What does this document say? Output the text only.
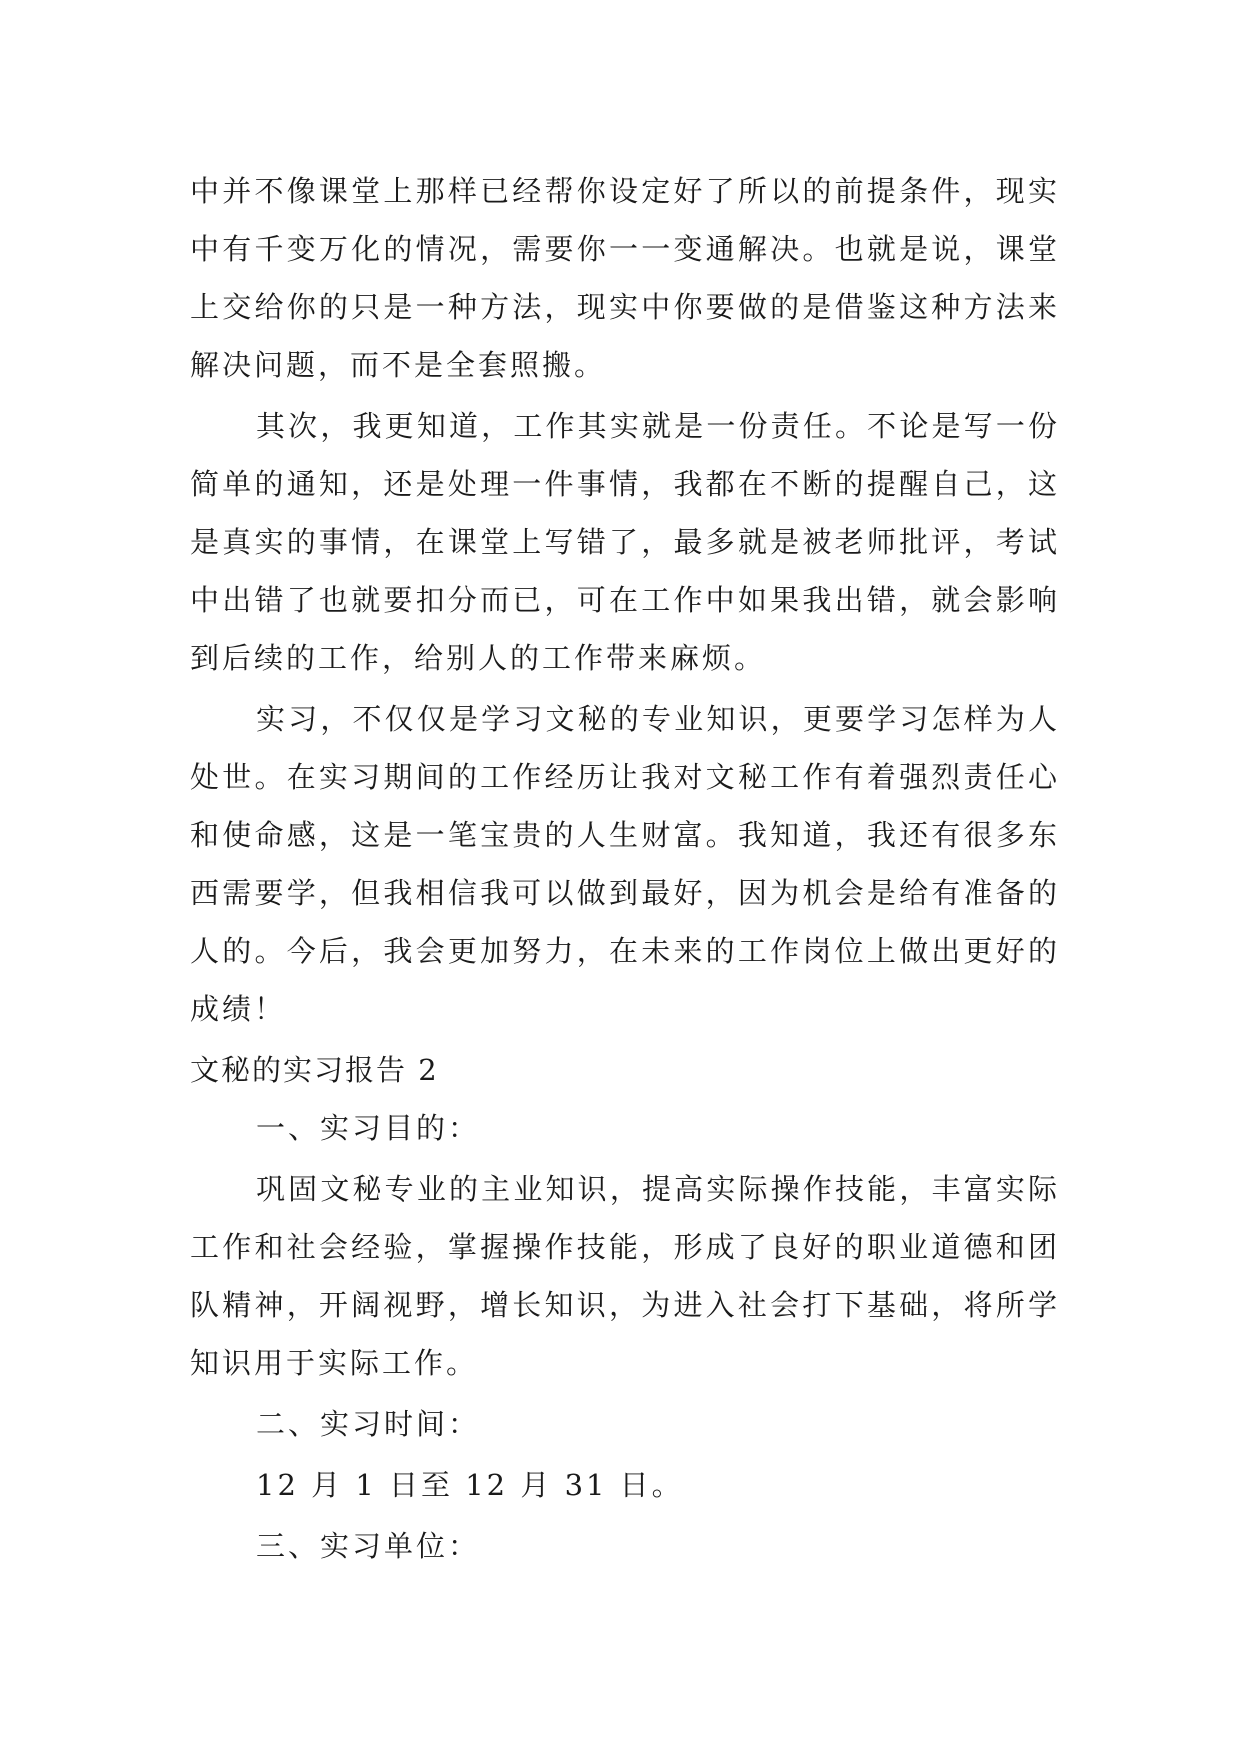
中并不像课堂上那样已经帮你设定好了所以的前提条件，现实中有千变万化的情况，需要你一一变通解决。也就是说，课堂上交给你的只是一种方法，现实中你要做的是借鉴这种方法来解决问题，而不是全套照搬。

其次，我更知道，工作其实就是一份责任。不论是写一份简单的通知，还是处理一件事情，我都在不断的提醒自己，这是真实的事情，在课堂上写错了，最多就是被老师批评，考试中出错了也就要扣分而已，可在工作中如果我出错，就会影响到后续的工作，给别人的工作带来麻烦。

实习，不仅仅是学习文秘的专业知识，更要学习怎样为人处世。在实习期间的工作经历让我对文秘工作有着强烈责任心和使命感，这是一笔宝贵的人生财富。我知道，我还有很多东西需要学，但我相信我可以做到最好，因为机会是给有准备的人的。今后，我会更加努力，在未来的工作岗位上做出更好的成绩！

文秘的实习报告 2

一、实习目的：

巩固文秘专业的主业知识，提高实际操作技能，丰富实际工作和社会经验，掌握操作技能，形成了良好的职业道德和团队精神，开阔视野，增长知识，为进入社会打下基础，将所学知识用于实际工作。

二、实习时间：

12 月 1 日至 12 月 31 日。

三、实习单位：
